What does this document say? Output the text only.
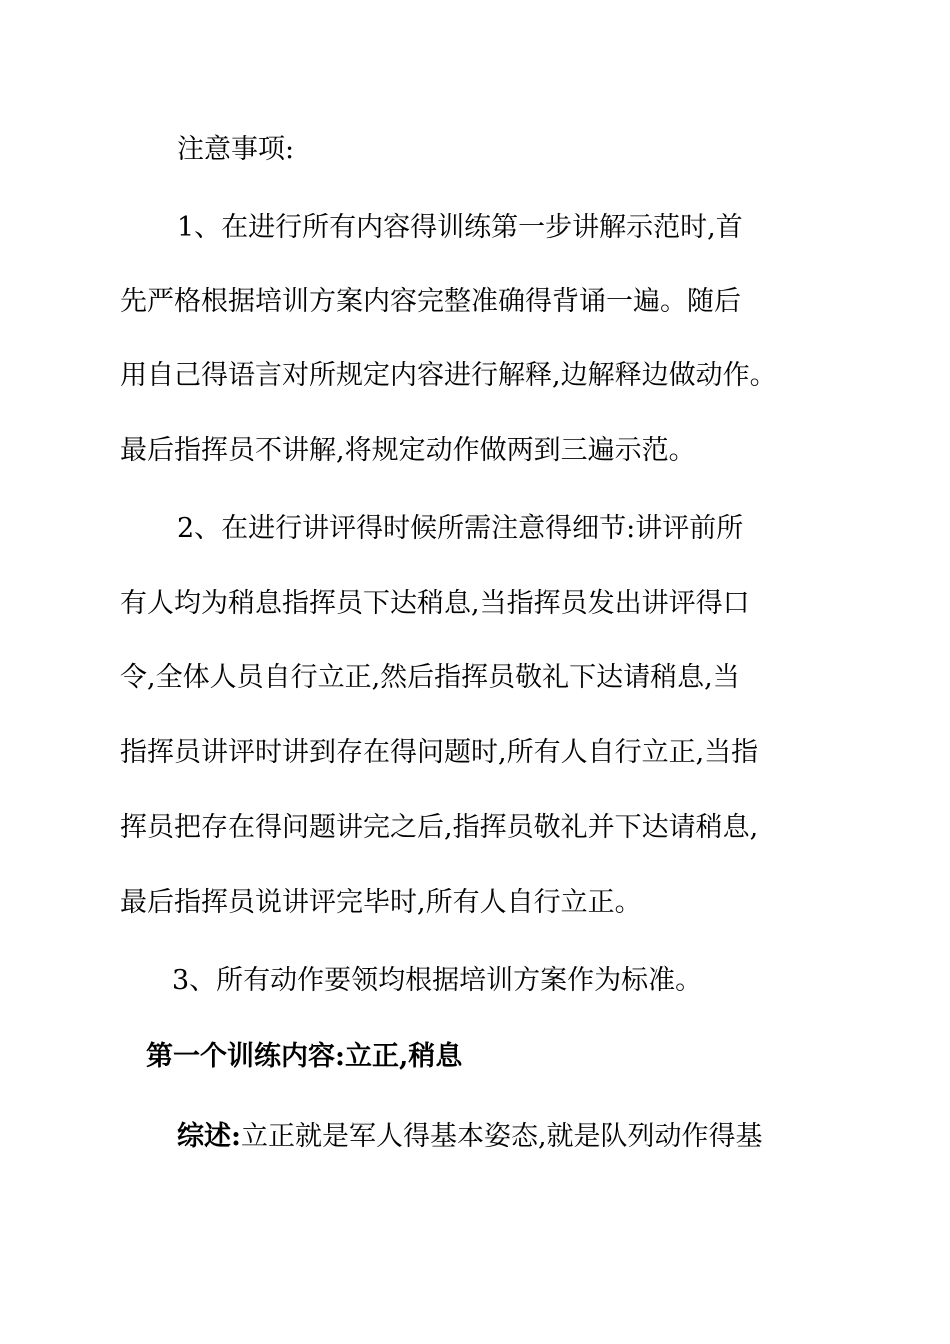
注意事项:
1、在进行所有内容得训练第一步讲解示范时,首
先严格根据培训方案内容完整准确得背诵一遍。随后
用自己得语言对所规定内容进行解释,边解释边做动作。
最后指挥员不讲解,将规定动作做两到三遍示范。
2、在进行讲评得时候所需注意得细节:讲评前所
有人均为稍息指挥员下达稍息,当指挥员发出讲评得口
令,全体人员自行立正,然后指挥员敬礼下达请稍息,当
指挥员讲评时讲到存在得问题时,所有人自行立正,当指
挥员把存在得问题讲完之后,指挥员敬礼并下达请稍息,
最后指挥员说讲评完毕时,所有人自行立正。
3、所有动作要领均根据培训方案作为标准。
第一个训练内容:立正,稍息
综述:立正就是军人得基本姿态,就是队列动作得基
